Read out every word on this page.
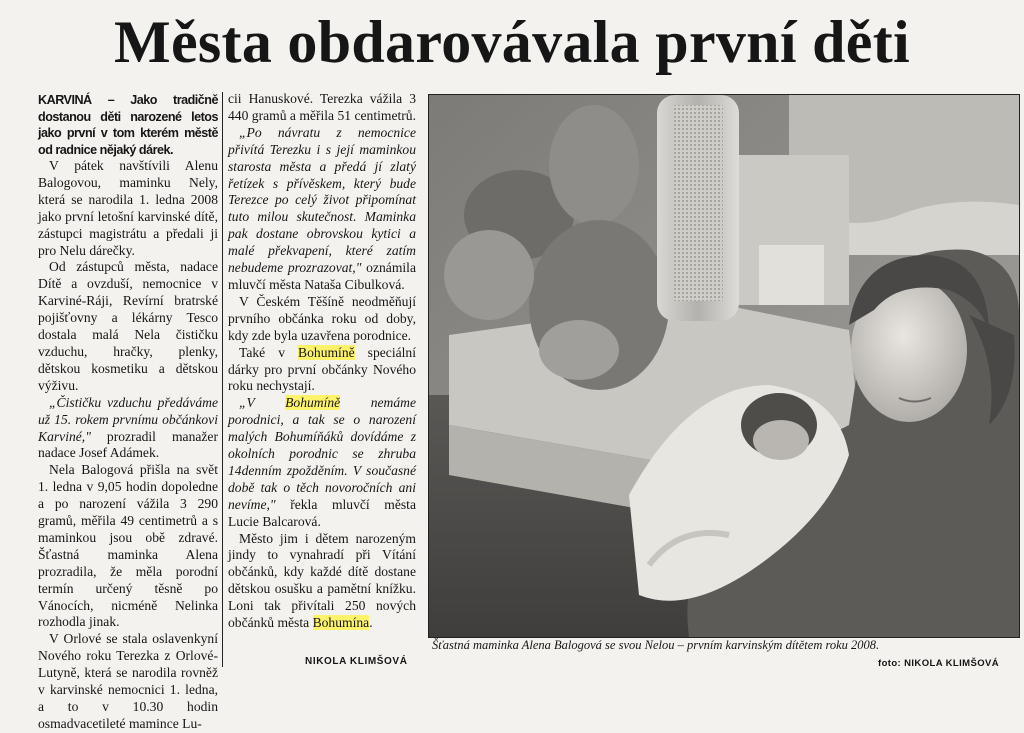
Města obdarovávala první děti

KARVINÁ – Jako tradičně dostanou děti narozené letos jako první v tom kterém městě od radnice nějaký dárek.

V pátek navštívili Alenu Balogovou, maminku Nely, která se narodila 1. ledna 2008 jako první letošní karvinské dítě, zástupci magistrátu a předali ji pro Nelu dárečky.

Od zástupců města, nadace Dítě a ovzduší, nemocnice v Karviné-Ráji, Revírní bratrské pojišťovny a lékárny Tesco dostala malá Nela čističku vzduchu, hračky, plenky, dětskou kosmetiku a dětskou výživu.

„Čističku vzduchu předáváme už 15. rokem prvnímu občánkovi Karviné," prozradil manažer nadace Josef Adámek.

Nela Balogová přišla na svět 1. ledna v 9,05 hodin dopoledne a po narození vážila 3 290 gramů, měřila 49 centimetrů a s maminkou jsou obě zdravé. Šťastná maminka Alena prozradila, že měla porodní termín určený těsně po Vánocích, nicméně Nelinka rozhodla jinak.

V Orlové se stala oslavenkyní Nového roku Terezka z Orlové-Lutyně, která se narodila rovněž v karvinské nemocnici 1. ledna, a to v 10.30 hodin osmadvacetileté mamince Lu-

cii Hanuskové. Terezka vážila 3 440 gramů a měřila 51 centimetrů.

„Po návratu z nemocnice přivítá Terezku i s její maminkou starosta města a předá jí zlatý řetízek s přívěskem, který bude Terezce po celý život připomínat tuto milou skutečnost. Maminka pak dostane obrovskou kytici a malé překvapení, které zatím nebudeme prozrazovat," oznámila mluvčí města Nataša Cibulková.

V Českém Těšíně neodměňují prvního občánka roku od doby, kdy zde byla uzavřena porodnice.

Také v Bohumíně speciální dárky pro první občánky Nového roku nechystají.

„V Bohumíně nemáme porodnici, a tak se o narození malých Bohumíňáků dovídáme z okolních porodnic se zhruba 14denním zpožděním. V současné době tak o těch novoročních ani nevíme," řekla mluvčí města Lucie Balcarová.

Město jim i dětem narozeným jindy to vynahradí při Vítání občánků, kdy každé dítě dostane dětskou osušku a pamětní knížku. Loni tak přivítali 250 nových občánků města Bohumína.

NIKOLA KLIMŠOVÁ
Šťastná maminka Alena Balogová se svou Nelou – prvním karvinským dítětem roku 2008.
foto: NIKOLA KLIMŠOVÁ
